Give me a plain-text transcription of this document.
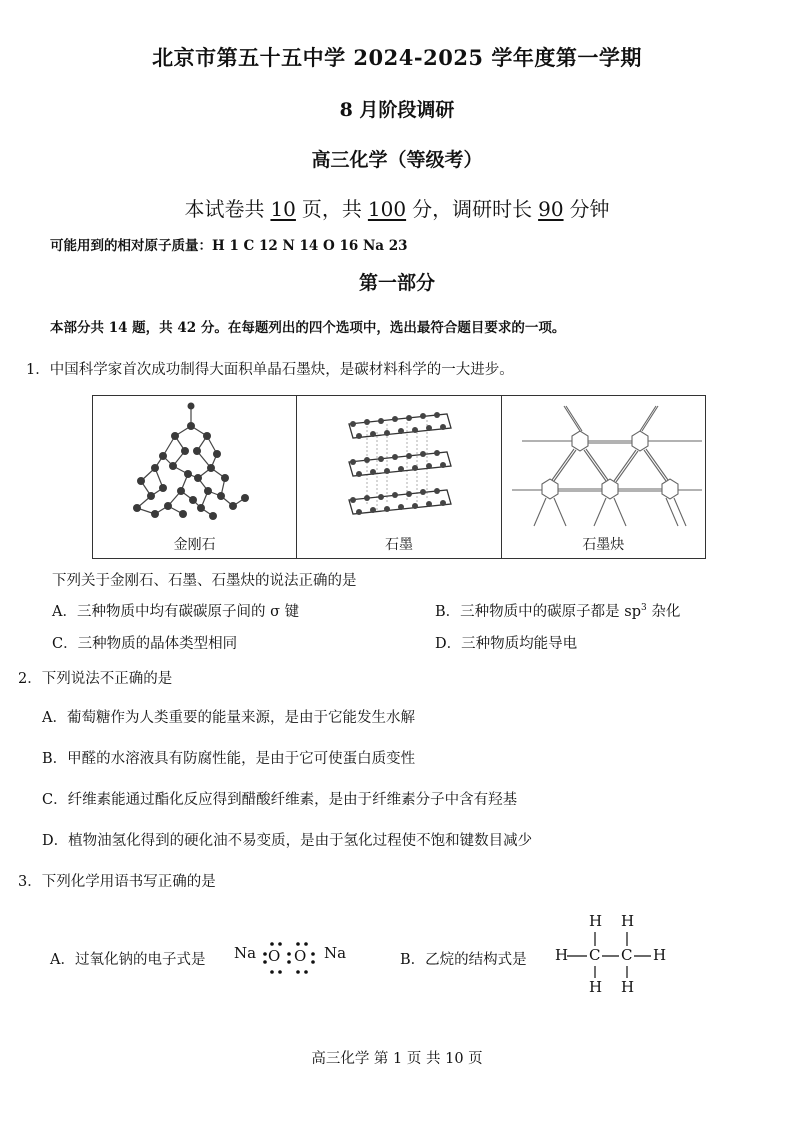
北京市第五十五中学 2024-2025 学年度第一学期
8 月阶段调研
高三化学（等级考）
本试卷共 10 页，共 100 分，调研时长 90 分钟
可能用到的相对原子质量：H 1 C 12 N 14 O 16 Na 23
第一部分
本部分共 14 题，共 42 分。在每题列出的四个选项中，选出最符合题目要求的一项。
1．中国科学家首次成功制得大面积单晶石墨炔，是碳材料科学的一大进步。
金刚石	石墨	石墨炔
下列关于金刚石、石墨、石墨炔的说法正确的是
A．三种物质中均有碳碳原子间的 σ 键	B．三种物质中的碳原子都是 $sp^3$ 杂化
C．三种物质的晶体类型相同	D．三种物质均能导电
2．下列说法不正确的是
A．葡萄糖作为人类重要的能量来源，是由于它能发生水解
B．甲醛的水溶液具有防腐性能，是由于它可使蛋白质变性
C．纤维素能通过酯化反应得到醋酸纤维素，是由于纤维素分子中含有羟基
D．植物油氢化得到的硬化油不易变质，是由于氢化过程使不饱和键数目减少
3．下列化学用语书写正确的是
A．过氧化钠的电子式是 Na O O Na	B．乙烷的结构式是
H H
H C C H
H H
高三化学 第 1 页 共 10 页
